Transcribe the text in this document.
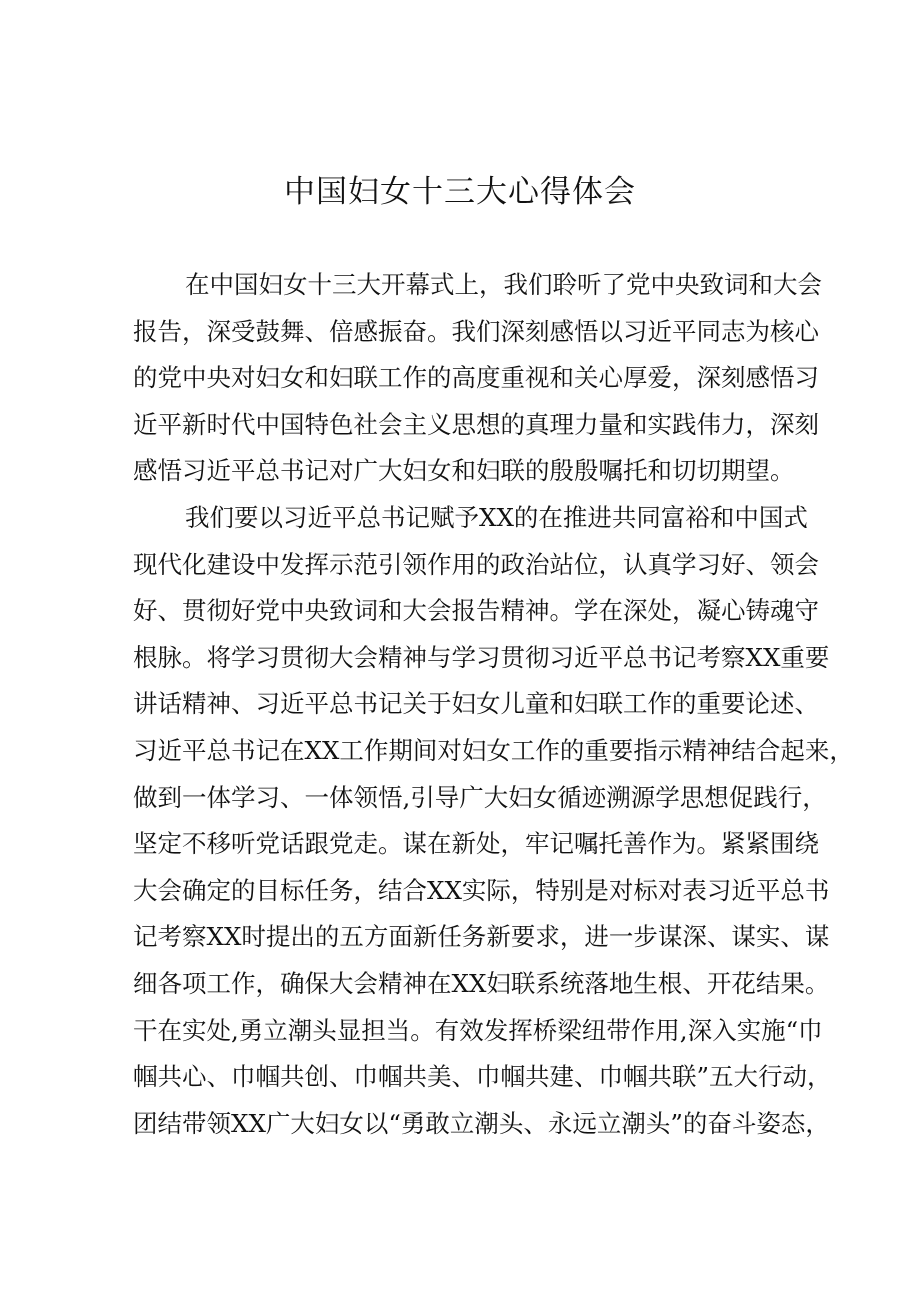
中国妇女十三大心得体会
在中国妇女十三大开幕式上，我们聆听了党中央致词和大会
报告，深受鼓舞、倍感振奋。我们深刻感悟以习近平同志为核心
的党中央对妇女和妇联工作的高度重视和关心厚爱，深刻感悟习
近平新时代中国特色社会主义思想的真理力量和实践伟力，深刻
感悟习近平总书记对广大妇女和妇联的殷殷嘱托和切切期望。
我们要以习近平总书记赋予XX的在推进共同富裕和中国式
现代化建设中发挥示范引领作用的政治站位，认真学习好、领会
好、贯彻好党中央致词和大会报告精神。学在深处，凝心铸魂守
根脉。将学习贯彻大会精神与学习贯彻习近平总书记考察XX重要
讲话精神、习近平总书记关于妇女儿童和妇联工作的重要论述、
习近平总书记在XX工作期间对妇女工作的重要指示精神结合起来，
做到一体学习、一体领悟,引导广大妇女循迹溯源学思想促践行，
坚定不移听党话跟党走。谋在新处，牢记嘱托善作为。紧紧围绕
大会确定的目标任务，结合XX实际，特别是对标对表习近平总书
记考察XX时提出的五方面新任务新要求，进一步谋深、谋实、谋
细各项工作，确保大会精神在XX妇联系统落地生根、开花结果。
干在实处,勇立潮头显担当。有效发挥桥梁纽带作用,深入实施“巾
帼共心、巾帼共创、巾帼共美、巾帼共建、巾帼共联”五大行动，
团结带领XX广大妇女以“勇敢立潮头、永远立潮头”的奋斗姿态，
